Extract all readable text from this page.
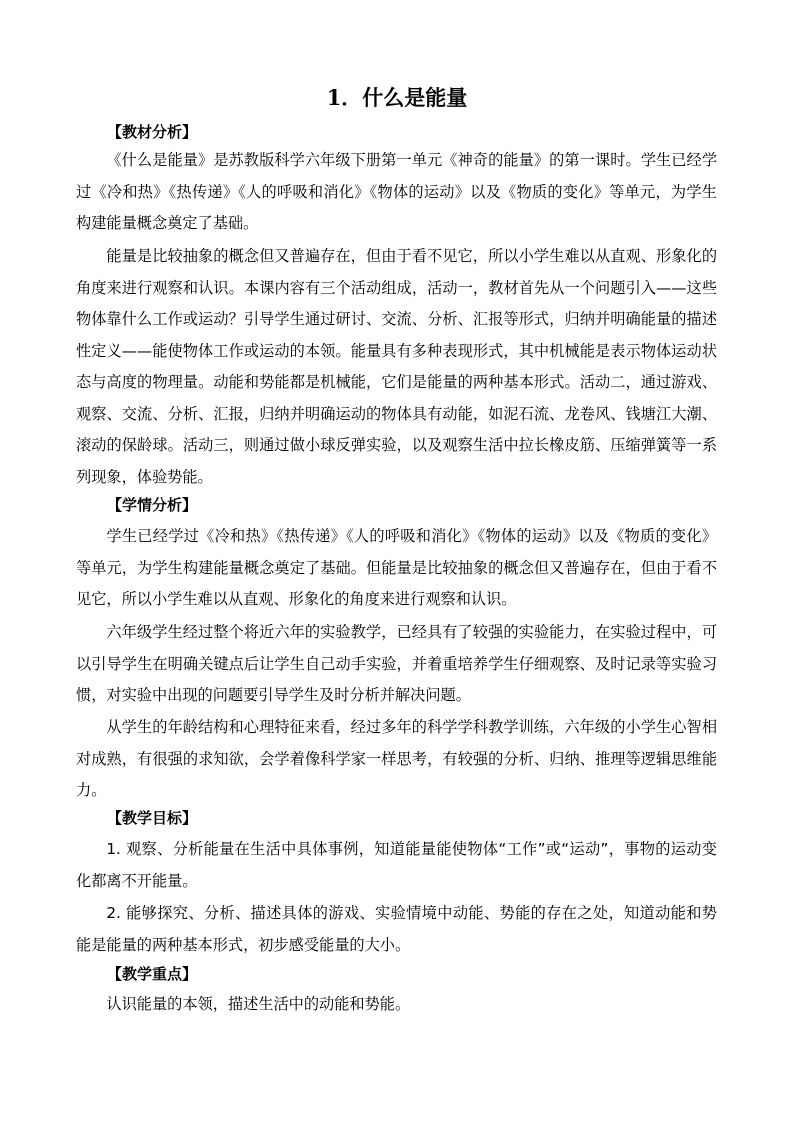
1．什么是能量
【教材分析】
《什么是能量》是苏教版科学六年级下册第一单元《神奇的能量》的第一课时。学生已经学过《冷和热》《热传递》《人的呼吸和消化》《物体的运动》以及《物质的变化》等单元，为学生构建能量概念奠定了基础。
能量是比较抽象的概念但又普遍存在，但由于看不见它，所以小学生难以从直观、形象化的角度来进行观察和认识。本课内容有三个活动组成，活动一，教材首先从一个问题引入——这些物体靠什么工作或运动？引导学生通过研讨、交流、分析、汇报等形式，归纳并明确能量的描述性定义——能使物体工作或运动的本领。能量具有多种表现形式，其中机械能是表示物体运动状态与高度的物理量。动能和势能都是机械能，它们是能量的两种基本形式。活动二，通过游戏、观察、交流、分析、汇报，归纳并明确运动的物体具有动能，如泥石流、龙卷风、钱塘江大潮、滚动的保龄球。活动三，则通过做小球反弹实验，以及观察生活中拉长橡皮筋、压缩弹簧等一系列现象，体验势能。
【学情分析】
学生已经学过《冷和热》《热传递》《人的呼吸和消化》《物体的运动》以及《物质的变化》等单元，为学生构建能量概念奠定了基础。但能量是比较抽象的概念但又普遍存在，但由于看不见它，所以小学生难以从直观、形象化的角度来进行观察和认识。
六年级学生经过整个将近六年的实验教学，已经具有了较强的实验能力，在实验过程中，可以引导学生在明确关键点后让学生自己动手实验，并着重培养学生仔细观察、及时记录等实验习惯，对实验中出现的问题要引导学生及时分析并解决问题。
从学生的年龄结构和心理特征来看，经过多年的科学学科教学训练，六年级的小学生心智相对成熟，有很强的求知欲，会学着像科学家一样思考，有较强的分析、归纳、推理等逻辑思维能力。
【教学目标】
1. 观察、分析能量在生活中具体事例，知道能量能使物体“工作”或“运动”，事物的运动变化都离不开能量。
2. 能够探究、分析、描述具体的游戏、实验情境中动能、势能的存在之处，知道动能和势能是能量的两种基本形式，初步感受能量的大小。
【教学重点】
认识能量的本领，描述生活中的动能和势能。
